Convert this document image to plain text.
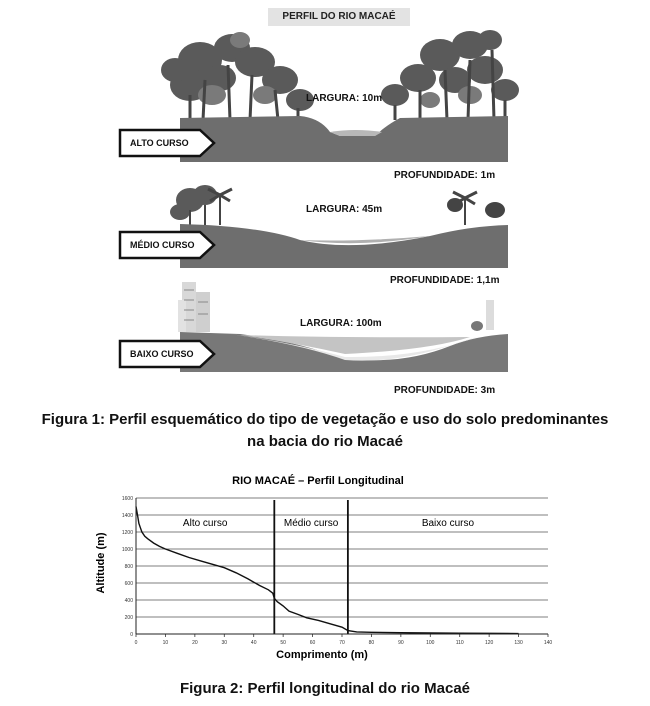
PERFIL DO RIO MACAÉ
ALTO CURSO
MÉDIO CURSO
BAIXO CURSO
LARGURA: 10m
PROFUNDIDADE: 1m
LARGURA: 45m
PROFUNDIDADE: 1,1m
LARGURA: 100m
PROFUNDIDADE: 3m
Figura 1: Perfil esquemático do tipo de vegetação e uso do solo predominantes
na bacia do rio Macaé
RIO MACAÉ – Perfil Longitudinal
Alto curso	Médio curso	Baixo curso
0
200
400
600
800
1000
1200
1400
1600
0	10	20	30	40	50	60	70	80	90	100	110	120	130	140
Comprimento (m)
Altitude (m)
Figura 2: Perfil longitudinal do rio Macaé
